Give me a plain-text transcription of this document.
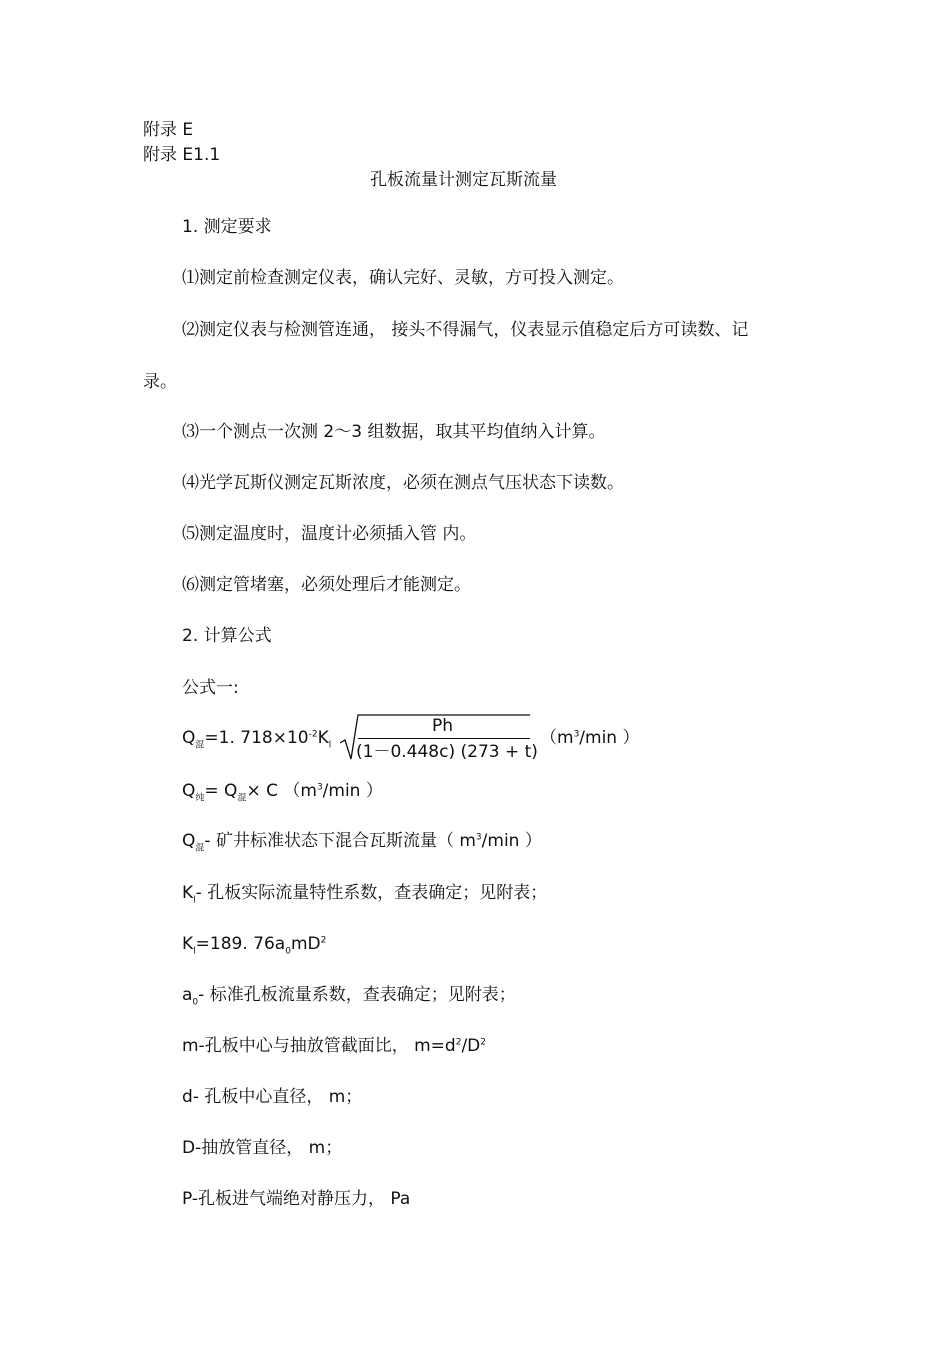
附录 E
附录 E1.1
孔板流量计测定瓦斯流量
1. 测定要求
⑴测定前检查测定仪表，确认完好、灵敏，方可投入测定。
⑵测定仪表与检测管连通， 接头不得漏气，仪表显示值稳定后方可读数、记
录。
⑶一个测点一次测 2～3 组数据，取其平均值纳入计算。
⑷光学瓦斯仪测定瓦斯浓度，必须在测点气压状态下读数。
⑸测定温度时，温度计必须插入管 内。
⑹测定管堵塞，必须处理后才能测定。
2. 计算公式
公式一:
$Q_混=1$. $718\times 10^{-2}K_l$
Ph
(1－0.448c) (273 + t)
（$m^3/\min$ ）
$Q_纯= Q_混\times C$ （$m^3/\min$ ）
$Q_混-$ 矿井标准状态下混合瓦斯流量（ $m^3/\min$ ）
$K_l-$ 孔板实际流量特性系数，查表确定；见附表；
$K_l=189$. $76a_0mD^2$
$a_0-$ 标准孔板流量系数，查表确定；见附表；
m-孔板中心与抽放管截面比， $m=d^2/D^2$
d- 孔板中心直径， m；
D-抽放管直径， m；
P-孔板进气端绝对静压力， Pa
